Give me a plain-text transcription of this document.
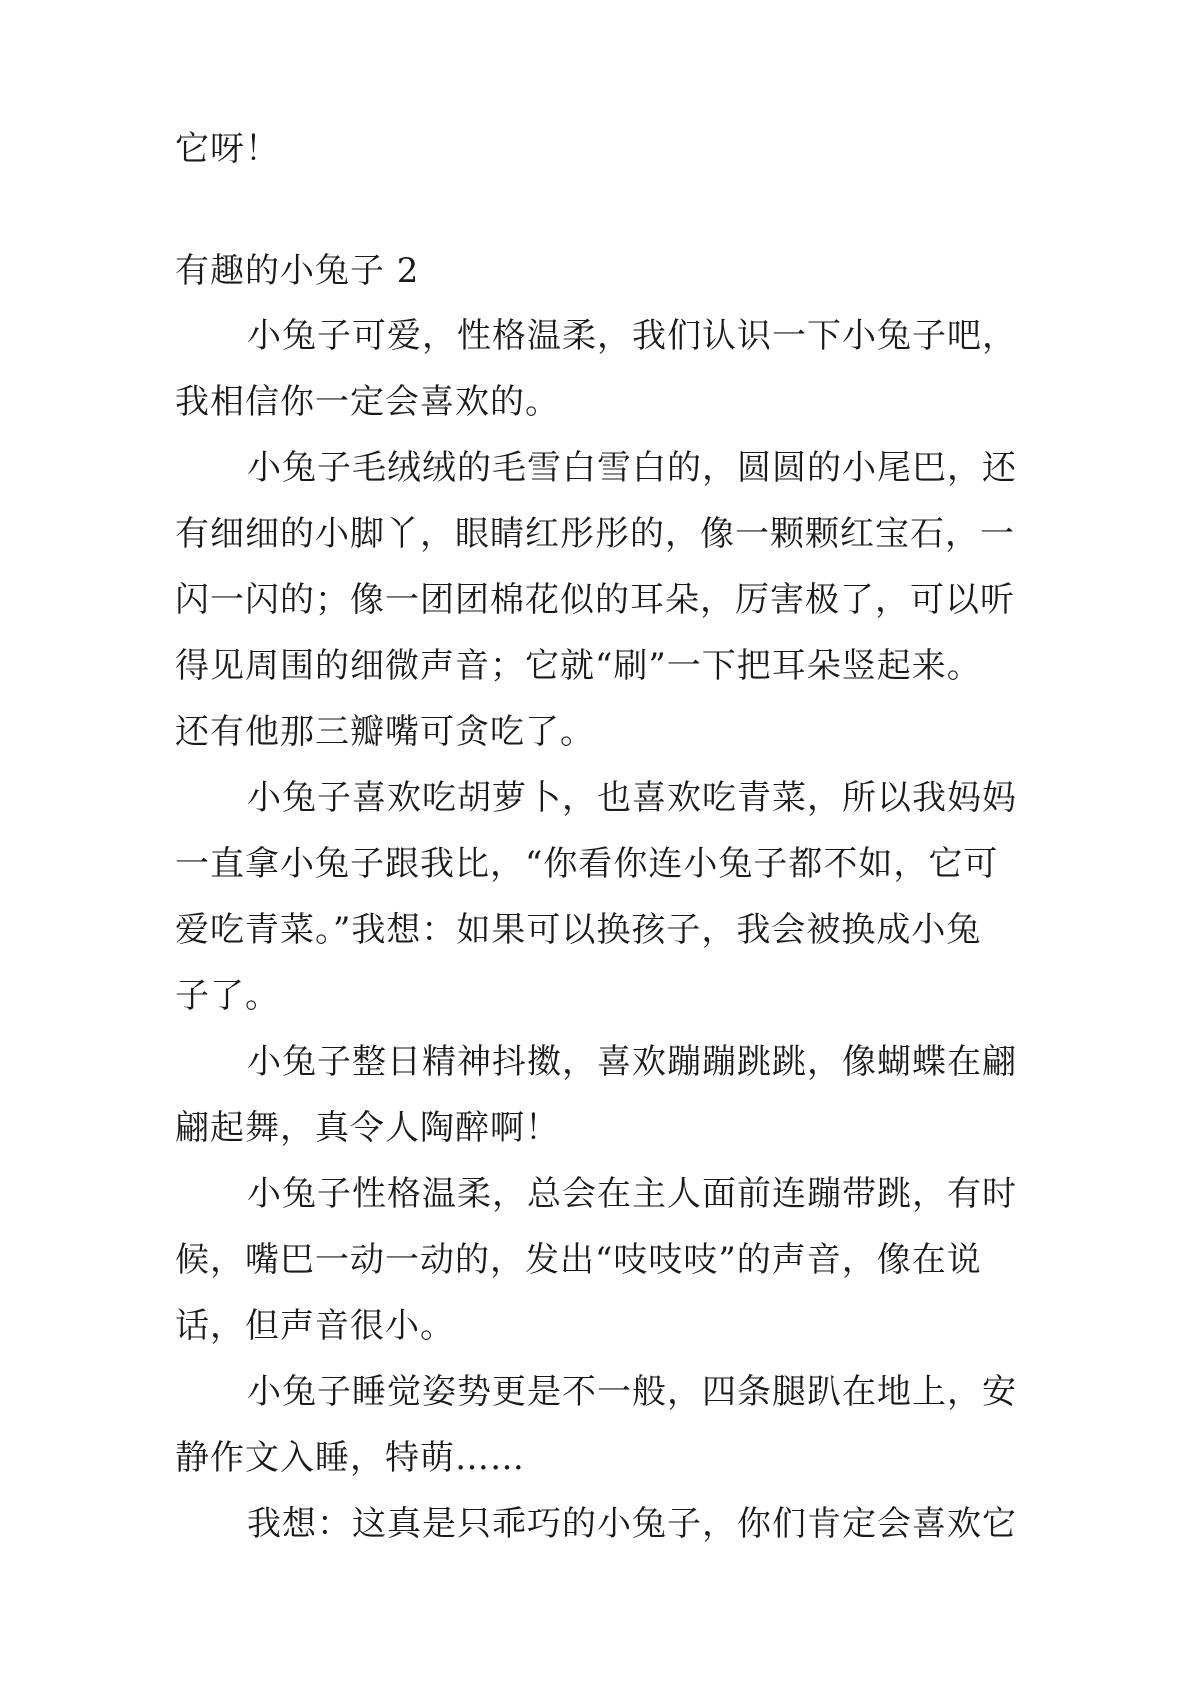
它呀！
有趣的小兔子 2
小兔子可爱，性格温柔，我们认识一下小兔子吧，
我相信你一定会喜欢的。
小兔子毛绒绒的毛雪白雪白的，圆圆的小尾巴，还
有细细的小脚丫，眼睛红彤彤的，像一颗颗红宝石，一
闪一闪的；像一团团棉花似的耳朵，厉害极了，可以听
得见周围的细微声音；它就“刷”一下把耳朵竖起来。
还有他那三瓣嘴可贪吃了。
小兔子喜欢吃胡萝卜，也喜欢吃青菜，所以我妈妈
一直拿小兔子跟我比，“你看你连小兔子都不如，它可
爱吃青菜。”我想：如果可以换孩子，我会被换成小兔
子了。
小兔子整日精神抖擞，喜欢蹦蹦跳跳，像蝴蝶在翩
翩起舞，真令人陶醉啊！
小兔子性格温柔，总会在主人面前连蹦带跳，有时
候，嘴巴一动一动的，发出“吱吱吱”的声音，像在说
话，但声音很小。
小兔子睡觉姿势更是不一般，四条腿趴在地上，安
静作文入睡，特萌……
我想：这真是只乖巧的小兔子，你们肯定会喜欢它
